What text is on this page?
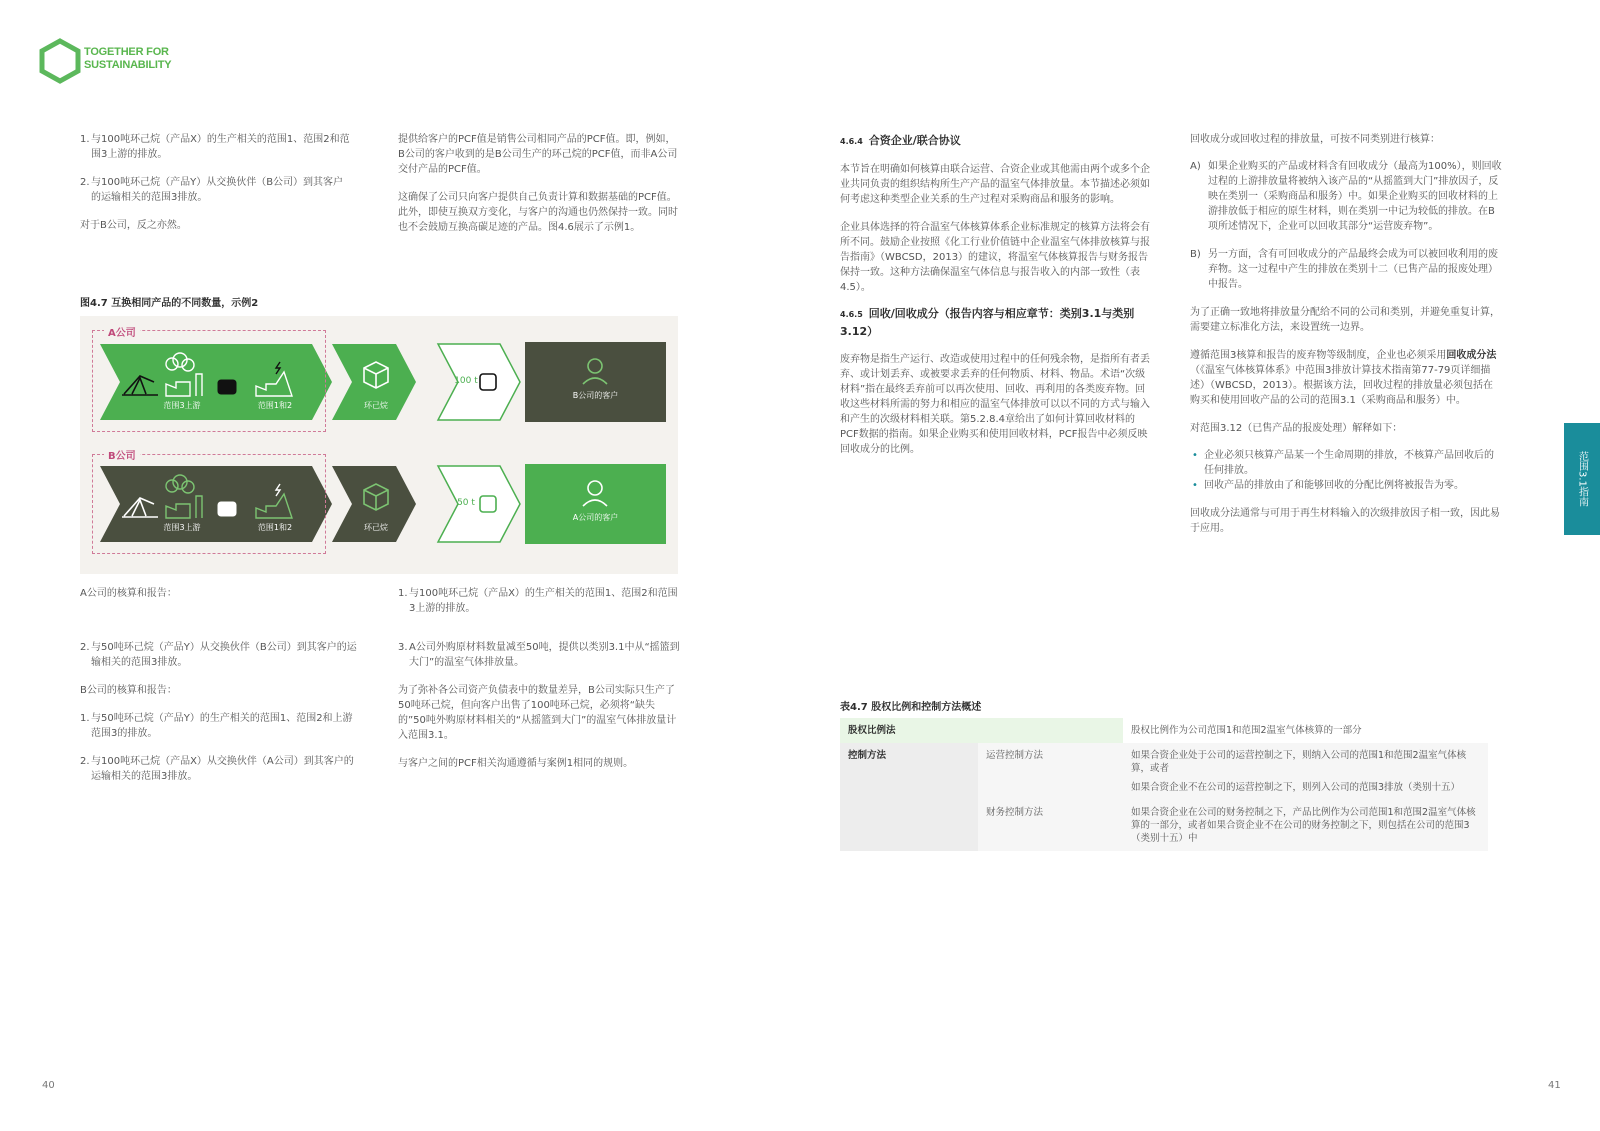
TOGETHER FOR
SUSTAINABILITY
1. 与100吨环己烷（产品X）的生产相关的范围1、范围2和范围3上游的排放。
2. 与100吨环己烷（产品Y）从交换伙伴（B公司）到其客户的运输相关的范围3排放。

对于B公司，反之亦然。

提供给客户的PCF值是销售公司相同产品的PCF值。即，例如，B公司的客户收到的是B公司生产的环己烷的PCF值，而非A公司交付产品的PCF值。

这确保了公司只向客户提供自己负责计算和数据基础的PCF值。此外，即使互换双方变化，与客户的沟通也仍然保持一致。同时也不会鼓励互换高碳足迹的产品。图4.6展示了示例1。

图4.7 互换相同产品的不同数量，示例2
A公司
B公司
范围3上游	范围1和2	环己烷
100 t
B公司的客户
范围3上游	范围1和2	环己烷
50 t
A公司的客户

A公司的核算和报告：

2. 与50吨环己烷（产品Y）从交换伙伴（B公司）到其客户的运输相关的范围3排放。

B公司的核算和报告：

1. 与50吨环己烷（产品Y）的生产相关的范围1、范围2和上游范围3的排放。
2. 与100吨环己烷（产品X）从交换伙伴（A公司）到其客户的运输相关的范围3排放。
1. 与100吨环己烷（产品X）的生产相关的范围1、范围2和范围3上游的排放。
3. A公司外购原材料数量减至50吨，提供以类别3.1中从“摇篮到大门”的温室气体排放量。

为了弥补各公司资产负债表中的数量差异，B公司实际只生产了50吨环己烷，但向客户出售了100吨环己烷，必须将“缺失的”50吨外购原材料相关的“从摇篮到大门”的温室气体排放量计入范围3.1。

与客户之间的PCF相关沟通遵循与案例1相同的规则。

40
4.6.4 合资企业/联合协议

本节旨在明确如何核算由联合运营、合资企业或其他需由两个或多个企业共同负责的组织结构所生产产品的温室气体排放量。本节描述必须如何考虑这种类型企业关系的生产过程对采购商品和服务的影响。

企业具体选择的符合温室气体核算体系企业标准规定的核算方法将会有所不同。鼓励企业按照《化工行业价值链中企业温室气体排放核算与报告指南》（WBCSD，2013）的建议，将温室气体核算报告与财务报告保持一致。这种方法确保温室气体信息与报告收入的内部一致性（表4.5）。

4.6.5 回收/回收成分（报告内容与相应章节：类别3.1与类别3.12）

废弃物是指生产运行、改造或使用过程中的任何残余物，是指所有者丢弃、或计划丢弃、或被要求丢弃的任何物质、材料、物品。术语“次级材料”指在最终丢弃前可以再次使用、回收、再利用的各类废弃物。回收这些材料所需的努力和相应的温室气体排放可以以不同的方式与输入和产生的次级材料相关联。第5.2.8.4章给出了如何计算回收材料的PCF数据的指南。如果企业购买和使用回收材料，PCF报告中必须反映回收成分的比例。

回收成分或回收过程的排放量，可按不同类别进行核算：

A) 如果企业购买的产品或材料含有回收成分（最高为100%），则回收过程的上游排放量将被纳入该产品的“从摇篮到大门”排放因子，反映在类别一（采购商品和服务）中。如果企业购买的回收材料的上游排放低于相应的原生材料，则在类别一中记为较低的排放。在B项所述情况下，企业可以回收其部分“运营废弃物”。
B) 另一方面，含有可回收成分的产品最终会成为可以被回收利用的废弃物。这一过程中产生的排放在类别十二（已售产品的报废处理）中报告。

为了正确一致地将排放量分配给不同的公司和类别，并避免重复计算，需要建立标准化方法，来设置统一边界。

遵循范围3核算和报告的废弃物等级制度，企业也必须采用回收成分法（《温室气体核算体系》中范围3排放计算技术指南第77-79页详细描述）（WBCSD，2013）。根据该方法，回收过程的排放量必须包括在购买和使用回收产品的公司的范围3.1（采购商品和服务）中。

对范围3.12（已售产品的报废处理）解释如下：

• 企业必须只核算产品某一个生命周期的排放，不核算产品回收后的任何排放。
• 回收产品的排放由了和能够回收的分配比例将被报告为零。

回收成分法通常与可用于再生材料输入的次级排放因子相一致，因此易于应用。

表4.7 股权比例和控制方法概述
股权比例法		股权比例作为公司范围1和范围2温室气体核算的一部分
控制方法	运营控制方法	如果合资企业处于公司的运营控制之下，则纳入公司的范围1和范围2温室气体核算，或者
如果合资企业不在公司的运营控制之下，则列入公司的范围3排放（类别十五）

	财务控制方法	如果合资企业在公司的财务控制之下，产品比例作为公司范围1和范围2温室气体核算的一部分，或者如果合资企业不在公司的财务控制之下，则包括在公司的范围3（类别十五）中
范围3.1指南
41
